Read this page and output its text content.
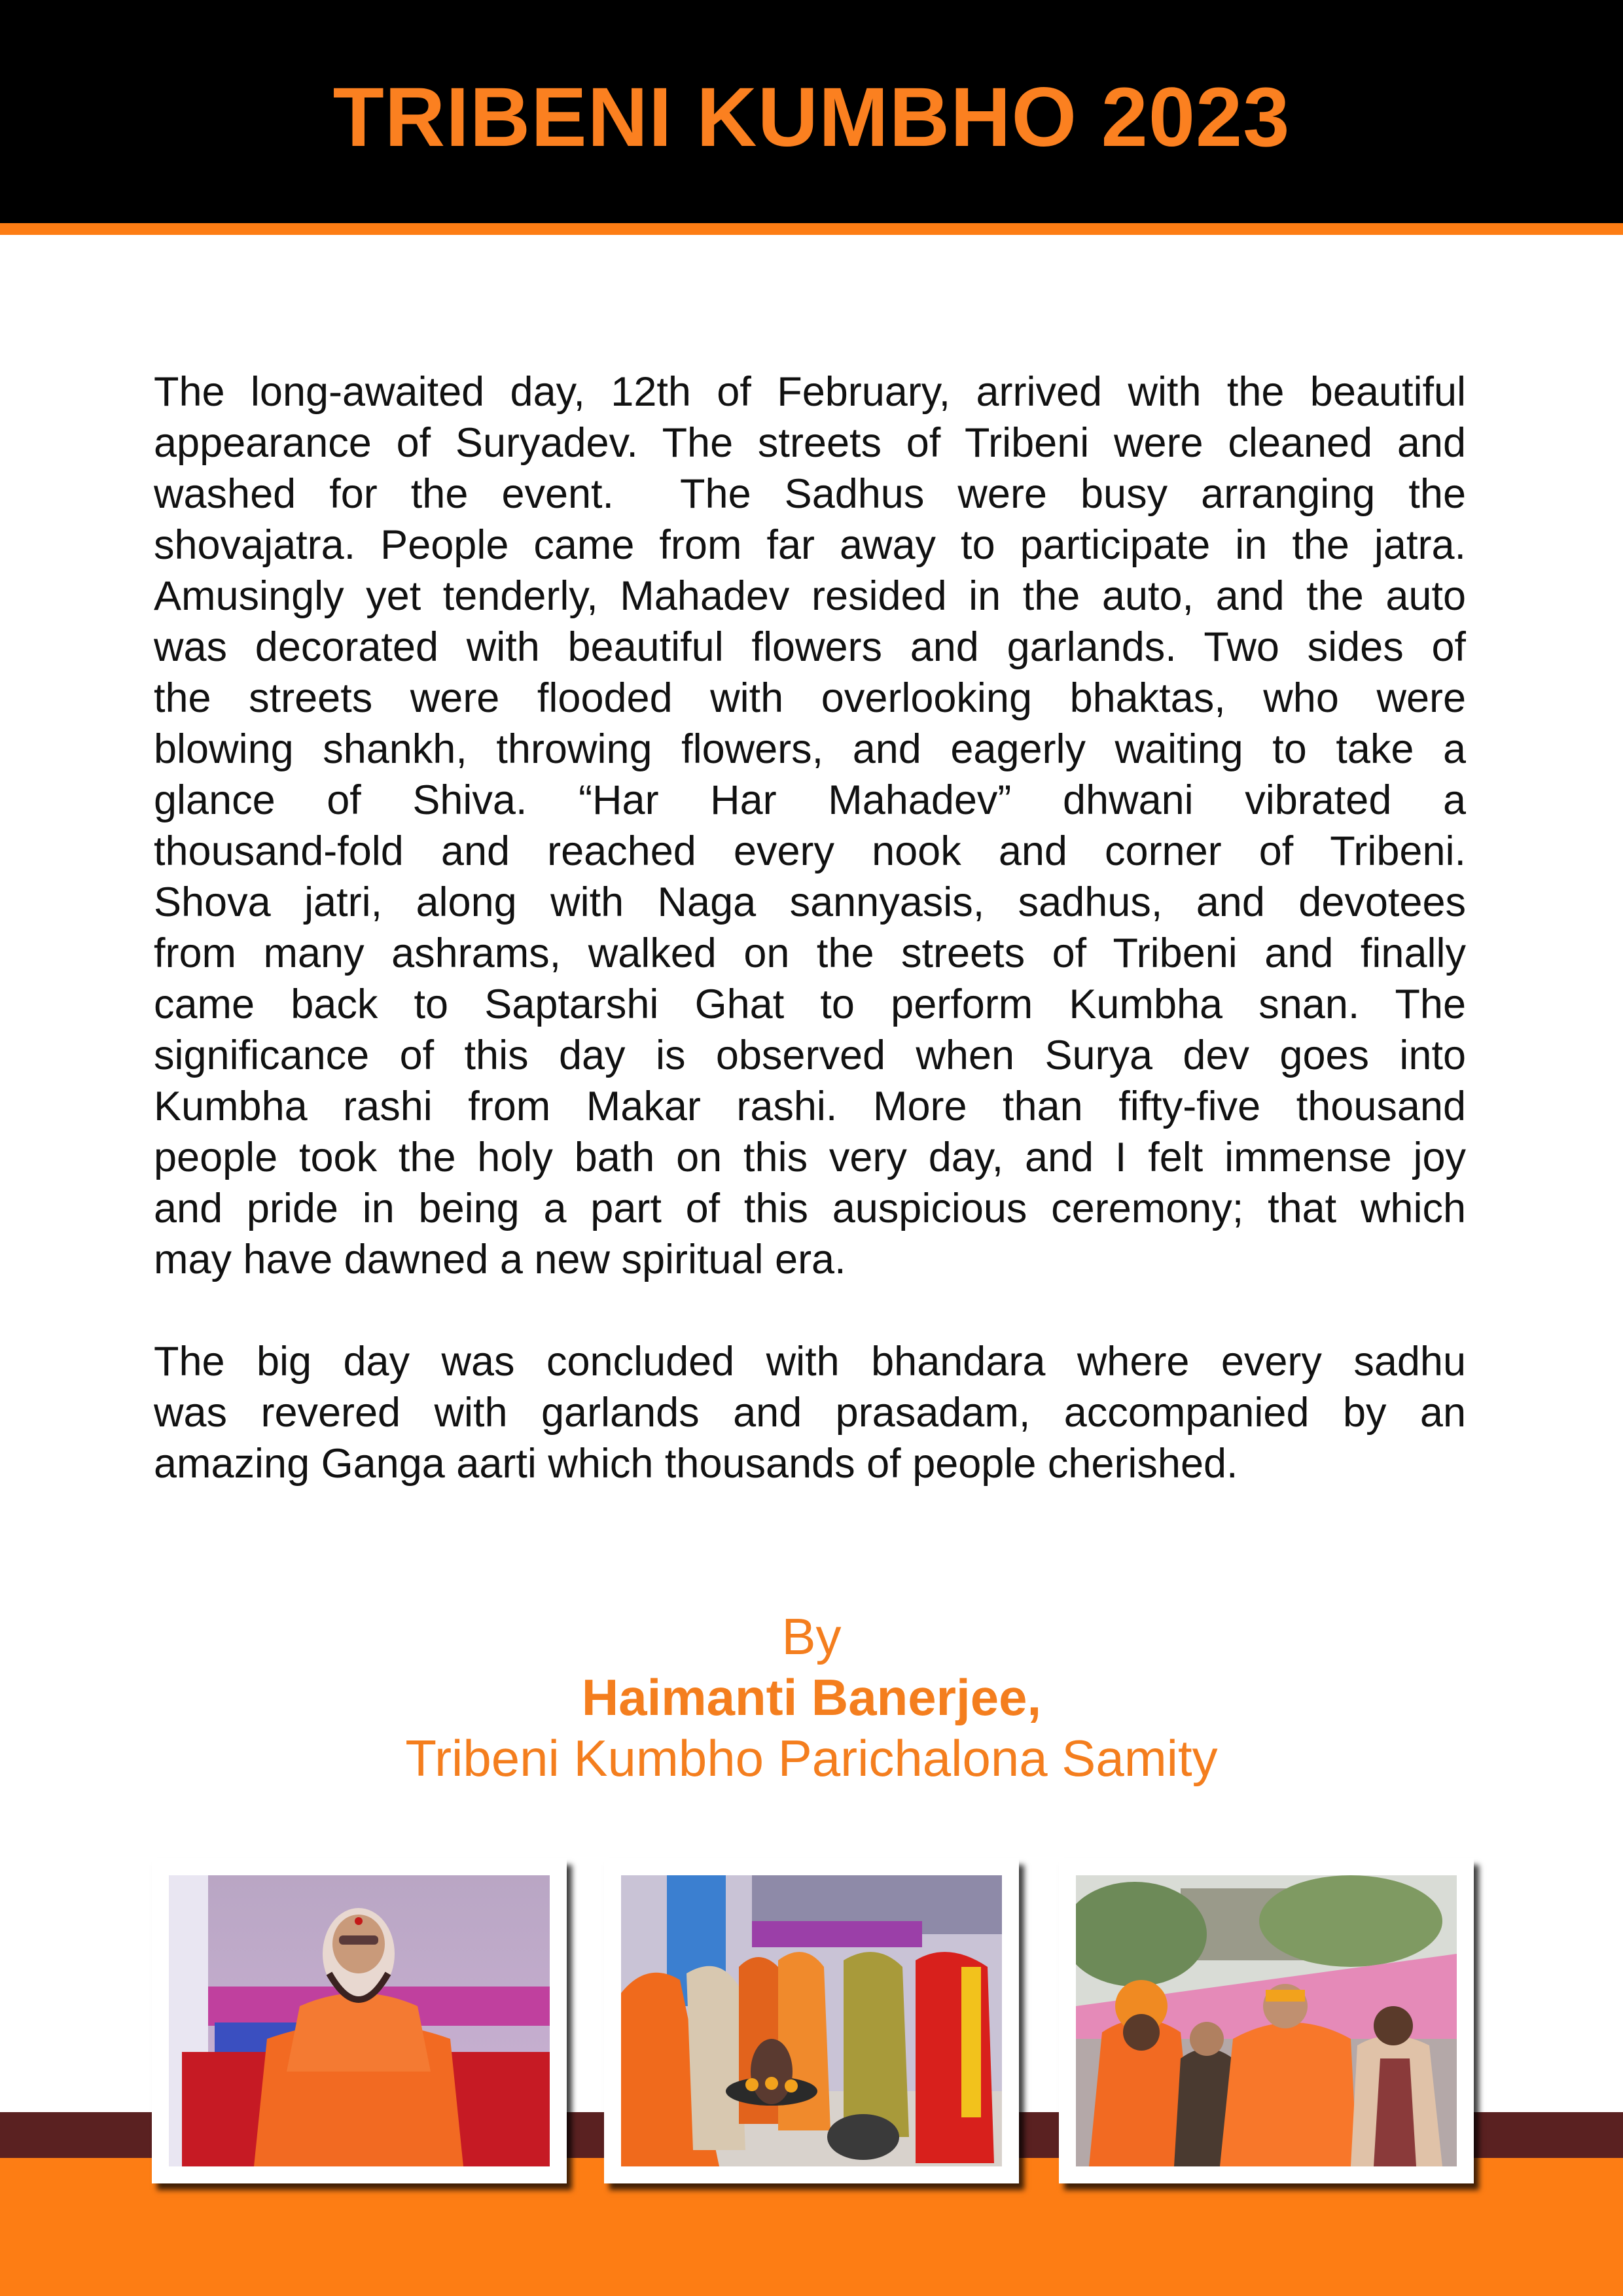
TRIBENI KUMBHO 2023
The long-awaited day, 12th of February, arrived with the beautiful
appearance of Suryadev. The streets of Tribeni were cleaned and
washed for the event.  The Sadhus were busy arranging the
shovajatra. People came from far away to participate in the jatra.
Amusingly yet tenderly, Mahadev resided in the auto, and the auto
was decorated with beautiful flowers and garlands. Two sides of
the streets were flooded with overlooking bhaktas, who were
blowing shankh, throwing flowers, and eagerly waiting to take a
glance of Shiva. “Har Har Mahadev” dhwani vibrated a
thousand-fold and reached every nook and corner of Tribeni.
Shova jatri, along with Naga sannyasis, sadhus, and devotees
from many ashrams, walked on the streets of Tribeni and finally
came back to Saptarshi Ghat to perform Kumbha snan. The
significance of this day is observed when Surya dev goes into
Kumbha rashi from Makar rashi. More than fifty-five thousand
people took the holy bath on this very day, and I felt immense joy
and pride in being a part of this auspicious ceremony; that which
may have dawned a new spiritual era.
The big day was concluded with bhandara where every sadhu
was revered with garlands and prasadam, accompanied by an
amazing Ganga aarti which thousands of people cherished.
By
Haimanti Banerjee,
Tribeni Kumbho Parichalona Samity
